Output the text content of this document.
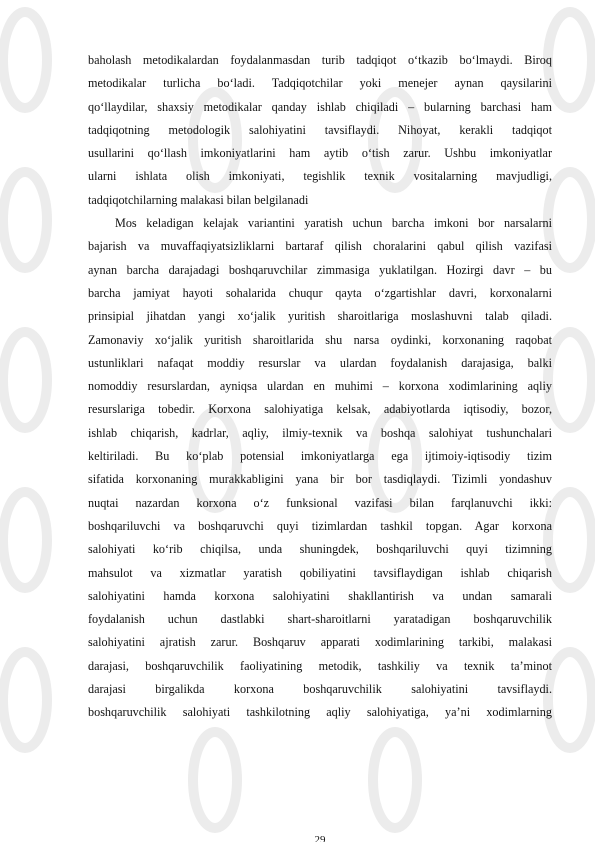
baholash metodikalardan foydalanmasdan turib tadqiqot o‘tkazib bo‘lmaydi. Biroq
metodikalar turlicha bo‘ladi. Tadqiqotchilar yoki menejer aynan qaysilarini
qo‘llaydilar, shaxsiy metodikalar qanday ishlab chiqiladi – bularning barchasi ham
tadqiqotning metodologik salohiyatini tavsiflaydi. Nihoyat, kerakli tadqiqot
usullarini qo‘llash imkoniyatlarini ham aytib o‘tish zarur. Ushbu imkoniyatlar
ularni ishlata olish imkoniyati, tegishlik texnik vositalarning mavjudligi,
tadqiqotchilarning malakasi bilan belgilanadi
Mos keladigan kelajak variantini yaratish uchun barcha imkoni bor narsalarni
bajarish va muvaffaqiyatsizliklarni bartaraf qilish choralarini qabul qilish vazifasi
aynan barcha darajadagi boshqaruvchilar zimmasiga yuklatilgan. Hozirgi davr – bu
barcha jamiyat hayoti sohalarida chuqur qayta o‘zgartishlar davri, korxonalarni
prinsipial jihatdan yangi xo‘jalik yuritish sharoitlariga moslashuvni talab qiladi.
Zamonaviy xo‘jalik yuritish sharoitlarida shu narsa oydinki, korxonaning raqobat
ustunliklari nafaqat moddiy resurslar va ulardan foydalanish darajasiga, balki
nomoddiy resurslardan, ayniqsa ulardan en muhimi – korxona xodimlarining aqliy
resurslariga tobedir. Korxona salohiyatiga kelsak, adabiyotlarda iqtisodiy, bozor,
ishlab chiqarish, kadrlar, aqliy, ilmiy-texnik va boshqa salohiyat tushunchalari
keltiriladi. Bu ko‘plab potensial imkoniyatlarga ega ijtimoiy-iqtisodiy tizim
sifatida korxonaning murakkabligini yana bir bor tasdiqlaydi. Tizimli yondashuv
nuqtai nazardan korxona o‘z funksional vazifasi bilan farqlanuvchi ikki:
boshqariluvchi va boshqaruvchi quyi tizimlardan tashkil topgan. Agar korxona
salohiyati ko‘rib chiqilsa, unda shuningdek, boshqariluvchi quyi tizimning
mahsulot va xizmatlar yaratish qobiliyatini tavsiflaydigan ishlab chiqarish
salohiyatini hamda korxona salohiyatini shakllantirish va undan samarali
foydalanish uchun dastlabki shart-sharoitlarni yaratadigan boshqaruvchilik
salohiyatini ajratish zarur. Boshqaruv apparati xodimlarining tarkibi, malakasi
darajasi, boshqaruvchilik faoliyatining metodik, tashkiliy va texnik ta’minot
darajasi birgalikda korxona boshqaruvchilik salohiyatini tavsiflaydi.
boshqaruvchilik salohiyati tashkilotning aqliy salohiyatiga, ya’ni xodimlarning
29
